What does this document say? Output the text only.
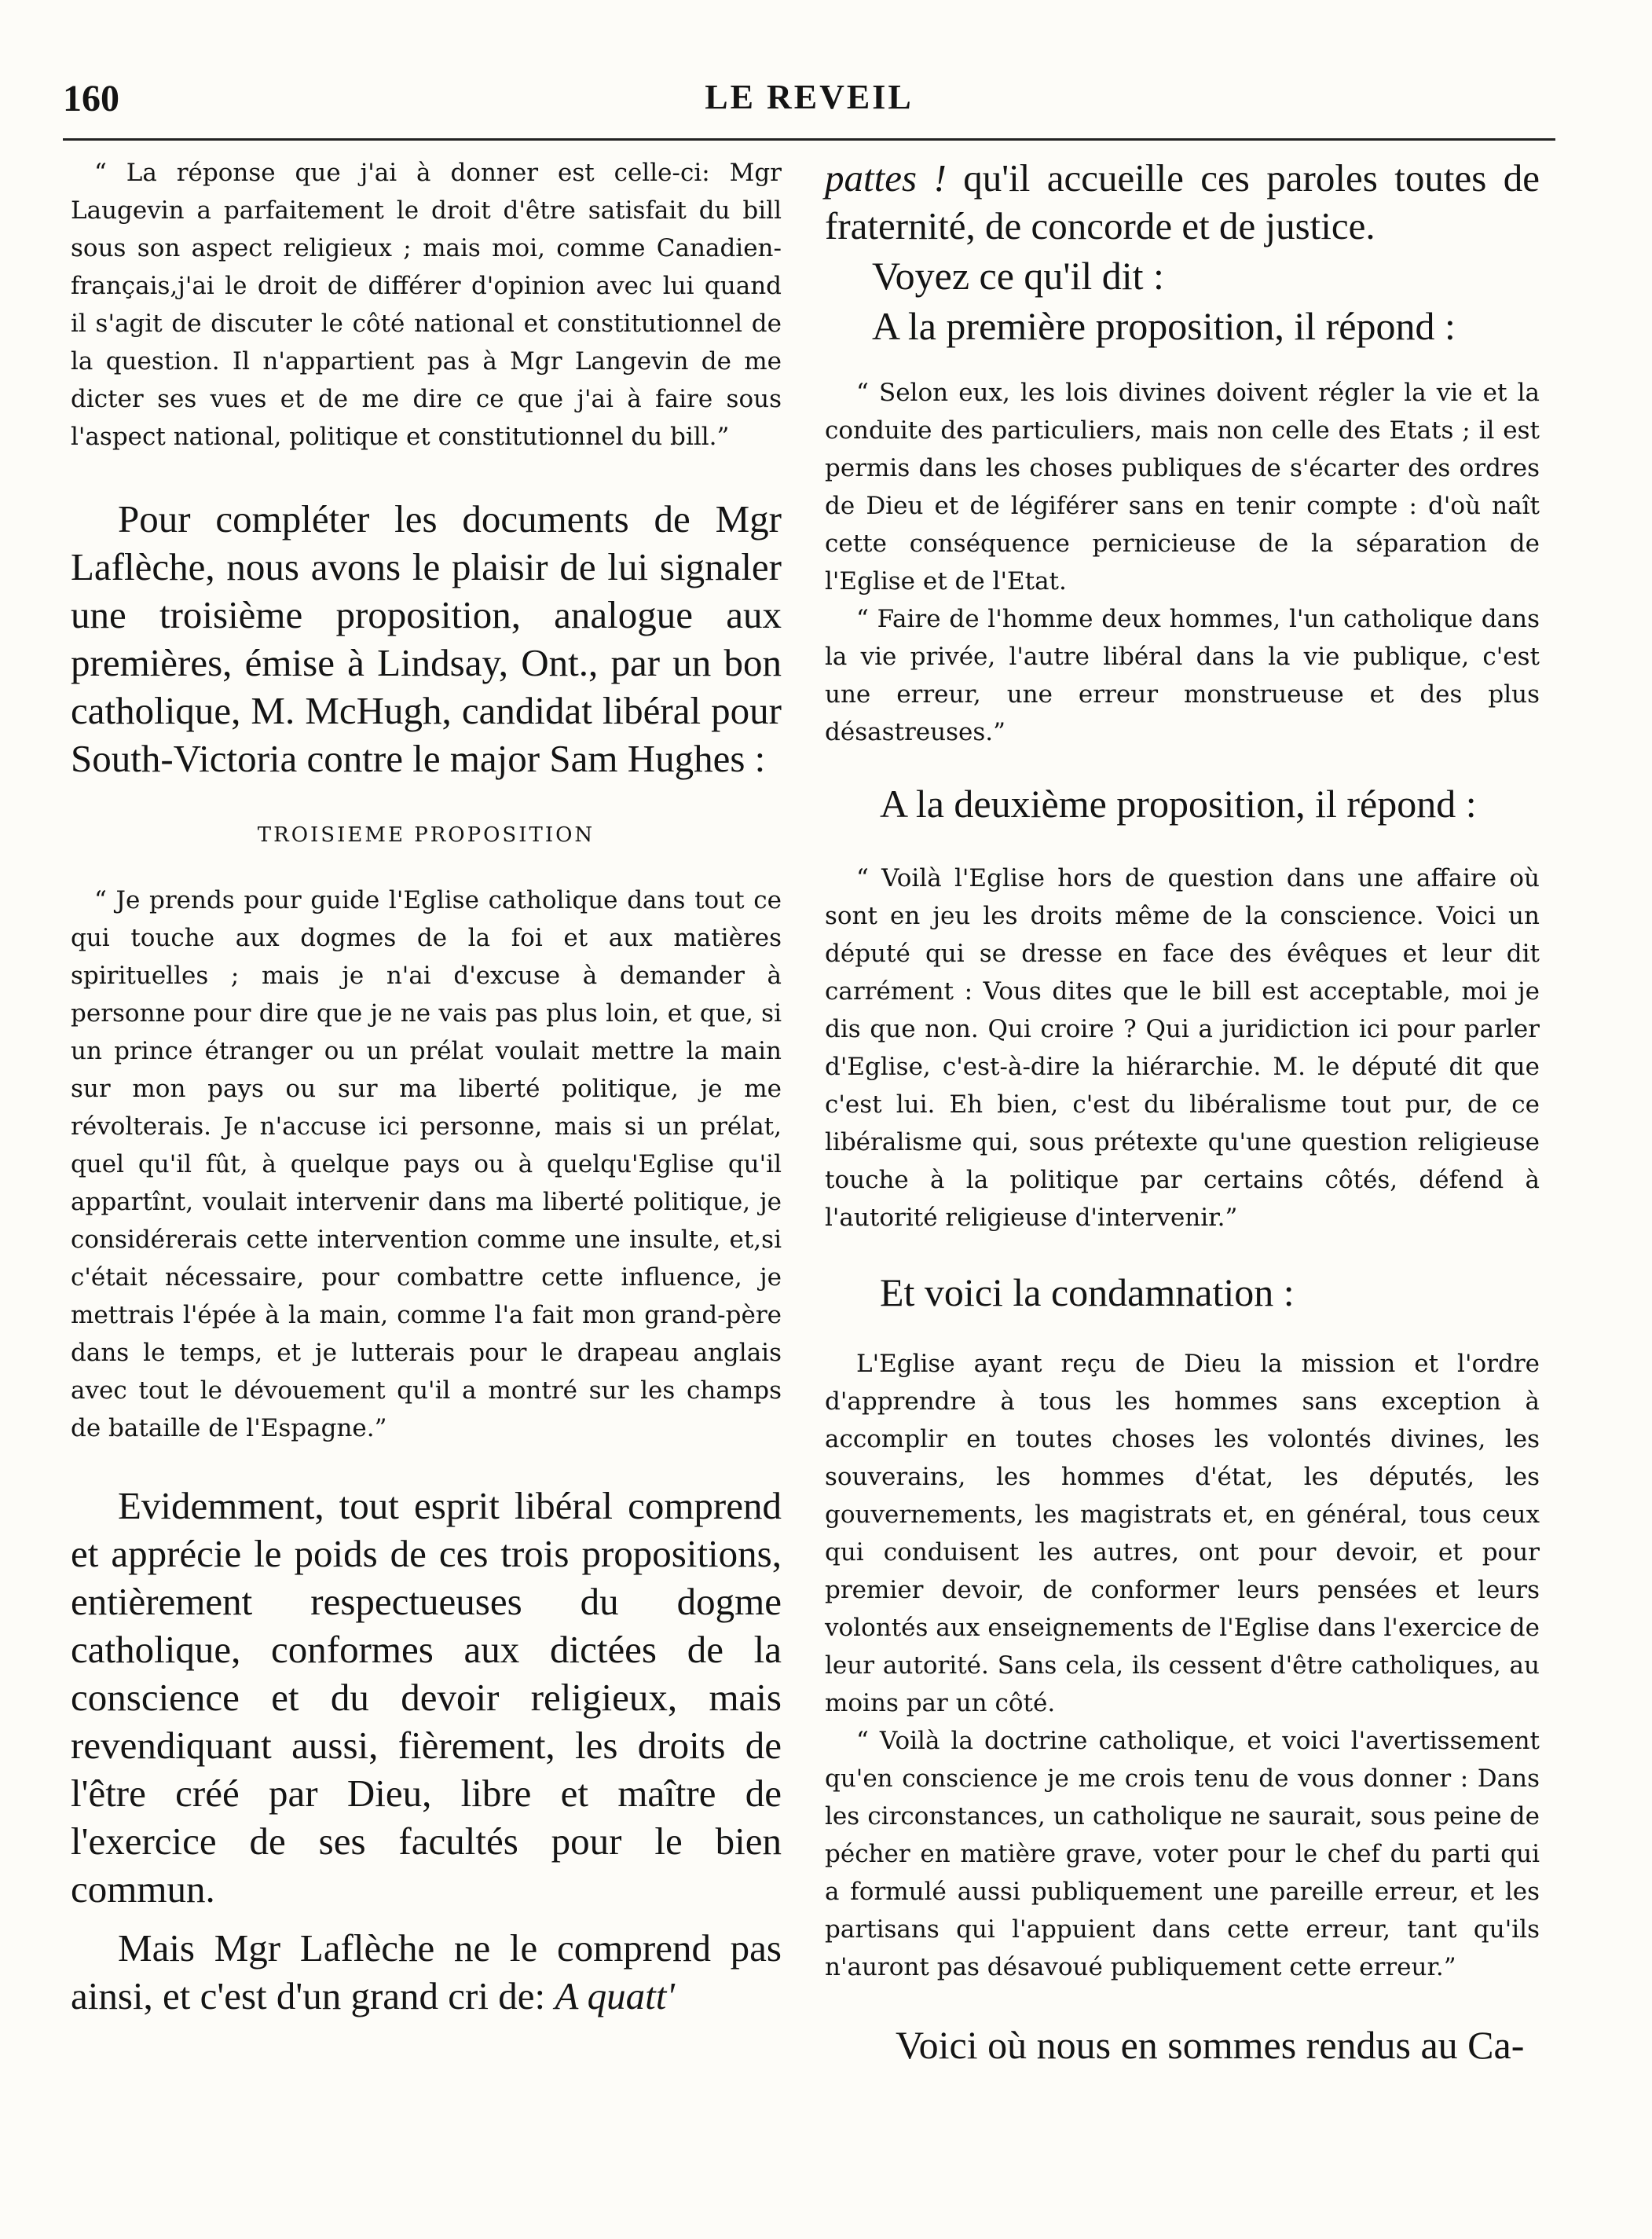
160	LE REVEIL

“ La réponse que j'ai à donner est celle-ci: Mgr Laugevin a parfaitement le droit d'être satisfait du bill sous son aspect religieux ; mais moi, comme Canadien-français,j'ai le droit de différer d'opinion avec lui quand il s'agit de discuter le côté national et constitutionnel de la question. Il n'appartient pas à Mgr Langevin de me dicter ses vues et de me dire ce que j'ai à faire sous l'aspect national, politique et constitutionnel du bill.”

Pour compléter les documents de Mgr Laflèche, nous avons le plaisir de lui signaler une troisième proposition, analogue aux premières, émise à Lindsay, Ont., par un bon catholique, M. McHugh, candidat libéral pour South-Victoria contre le major Sam Hughes :

TROISIEME PROPOSITION

“ Je prends pour guide l'Eglise catholique dans tout ce qui touche aux dogmes de la foi et aux matières spirituelles ; mais je n'ai d'excuse à demander à personne pour dire que je ne vais pas plus loin, et que, si un prince étranger ou un prélat voulait mettre la main sur mon pays ou sur ma liberté politique, je me révolterais. Je n'accuse ici personne, mais si un prélat, quel qu'il fût, à quelque pays ou à quelqu'Eglise qu'il appartînt, voulait intervenir dans ma liberté politique, je considérerais cette intervention comme une insulte, et,si c'était nécessaire, pour combattre cette influence, je mettrais l'épée à la main, comme l'a fait mon grand-père dans le temps, et je lutterais pour le drapeau anglais avec tout le dévouement qu'il a montré sur les champs de bataille de l'Espagne.”

Evidemment, tout esprit libéral comprend et apprécie le poids de ces trois propositions, entièrement respectueuses du dogme catholique, conformes aux dictées de la conscience et du devoir religieux, mais revendiquant aussi, fièrement, les droits de l'être créé par Dieu, libre et maître de l'exercice de ses facultés pour le bien commun.

Mais Mgr Laflèche ne le comprend pas ainsi, et c'est d'un grand cri de: A quatt'

pattes ! qu'il accueille ces paroles toutes de fraternité, de concorde et de justice.

Voyez ce qu'il dit :

A la première proposition, il répond :

“ Selon eux, les lois divines doivent régler la vie et la conduite des particuliers, mais non celle des Etats ; il est permis dans les choses publiques de s'écarter des ordres de Dieu et de légiférer sans en tenir compte : d'où naît cette conséquence pernicieuse de la séparation de l'Eglise et de l'Etat.

“ Faire de l'homme deux hommes, l'un catholique dans la vie privée, l'autre libéral dans la vie publique, c'est une erreur, une erreur monstrueuse et des plus désastreuses.”

A la deuxième proposition, il répond :

“ Voilà l'Eglise hors de question dans une affaire où sont en jeu les droits même de la conscience. Voici un député qui se dresse en face des évêques et leur dit carrément : Vous dites que le bill est acceptable, moi je dis que non. Qui croire ? Qui a juridiction ici pour parler d'Eglise, c'est-à-dire la hiérarchie. M. le député dit que c'est lui. Eh bien, c'est du libéralisme tout pur, de ce libéralisme qui, sous prétexte qu'une question religieuse touche à la politique par certains côtés, défend à l'autorité religieuse d'intervenir.”

Et voici la condamnation :

L'Eglise ayant reçu de Dieu la mission et l'ordre d'apprendre à tous les hommes sans exception à accomplir en toutes choses les volontés divines, les souverains, les hommes d'état, les députés, les gouvernements, les magistrats et, en général, tous ceux qui conduisent les autres, ont pour devoir, et pour premier devoir, de conformer leurs pensées et leurs volontés aux enseignements de l'Eglise dans l'exercice de leur autorité. Sans cela, ils cessent d'être catholiques, au moins par un côté.

“ Voilà la doctrine catholique, et voici l'avertissement qu'en conscience je me crois tenu de vous donner : Dans les circonstances, un catholique ne saurait, sous peine de pécher en matière grave, voter pour le chef du parti qui a formulé aussi publiquement une pareille erreur, et les partisans qui l'appuient dans cette erreur, tant qu'ils n'auront pas désavoué publiquement cette erreur.”

Voici où nous en sommes rendus au Ca-
